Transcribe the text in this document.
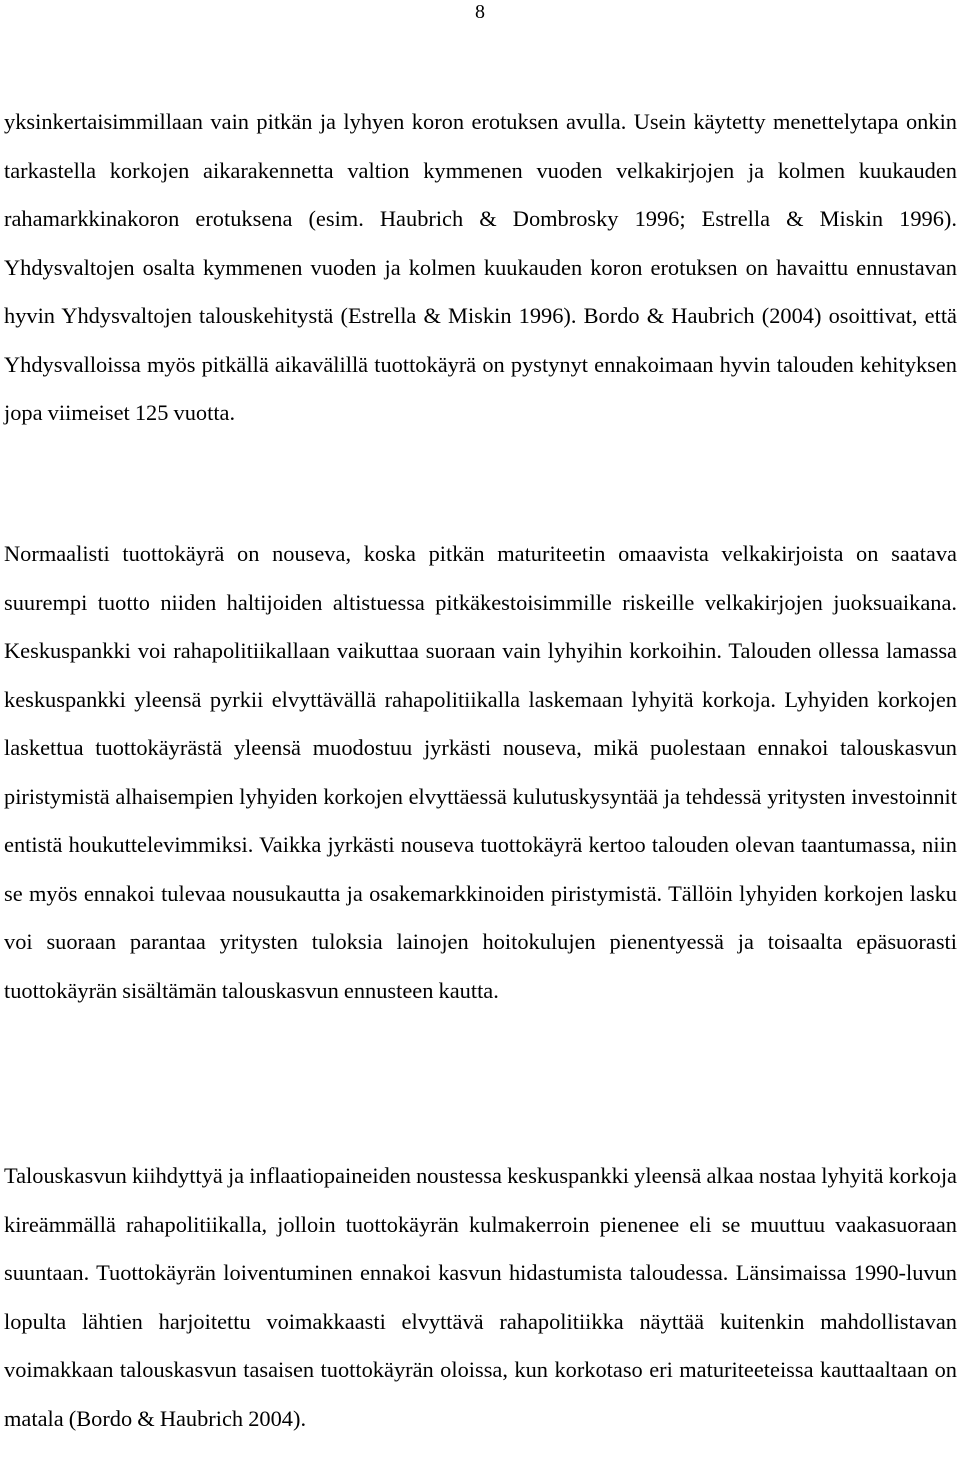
8

yksinkertaisimmillaan vain pitkän ja lyhyen koron erotuksen avulla. Usein käytetty menettelytapa onkin tarkastella korkojen aikarakennetta valtion kymmenen vuoden velkakirjojen ja kolmen kuukauden rahamarkkinakoron erotuksena (esim. Haubrich & Dombrosky 1996; Estrella & Miskin 1996). Yhdysvaltojen osalta kymmenen vuoden ja kolmen kuukauden koron erotuksen on havaittu ennustavan hyvin Yhdysvaltojen talouskehitystä (Estrella & Miskin 1996). Bordo & Haubrich (2004) osoittivat, että Yhdysvalloissa myös pitkällä aikavälillä tuottokäyrä on pystynyt ennakoimaan hyvin talouden kehityksen jopa viimeiset 125 vuotta.

Normaalisti tuottokäyrä on nouseva, koska pitkän maturiteetin omaavista velkakirjoista on saatava suurempi tuotto niiden haltijoiden altistuessa pitkäkestoisimmille riskeille velkakirjojen juoksuaikana. Keskuspankki voi rahapolitiikallaan vaikuttaa suoraan vain lyhyihin korkoihin. Talouden ollessa lamassa keskuspankki yleensä pyrkii elvyttävällä rahapolitiikalla laskemaan lyhyitä korkoja. Lyhyiden korkojen laskettua tuottokäyrästä yleensä muodostuu jyrkästi nouseva, mikä puolestaan ennakoi talouskasvun piristymistä alhaisempien lyhyiden korkojen elvyttäessä kulutuskysyntää ja tehdessä yritysten investoinnit entistä houkuttelevimmiksi. Vaikka jyrkästi nouseva tuottokäyrä kertoo talouden olevan taantumassa, niin se myös ennakoi tulevaa nousukautta ja osakemarkkinoiden piristymistä. Tällöin lyhyiden korkojen lasku voi suoraan parantaa yritysten tuloksia lainojen hoitokulujen pienentyessä ja toisaalta epäsuorasti tuottokäyrän sisältämän talouskasvun ennusteen kautta.

Talouskasvun kiihdyttyä ja inflaatiopaineiden noustessa keskuspankki yleensä alkaa nostaa lyhyitä korkoja kireämmällä rahapolitiikalla, jolloin tuottokäyrän kulmakerroin pienenee eli se muuttuu vaakasuoraan suuntaan. Tuottokäyrän loiventuminen ennakoi kasvun hidastumista taloudessa. Länsimaissa 1990-luvun lopulta lähtien harjoitettu voimakkaasti elvyttävä rahapolitiikka näyttää kuitenkin mahdollistavan voimakkaan talouskasvun tasaisen tuottokäyrän oloissa, kun korkotaso eri maturiteeteissa kauttaaltaan on matala (Bordo & Haubrich 2004).
